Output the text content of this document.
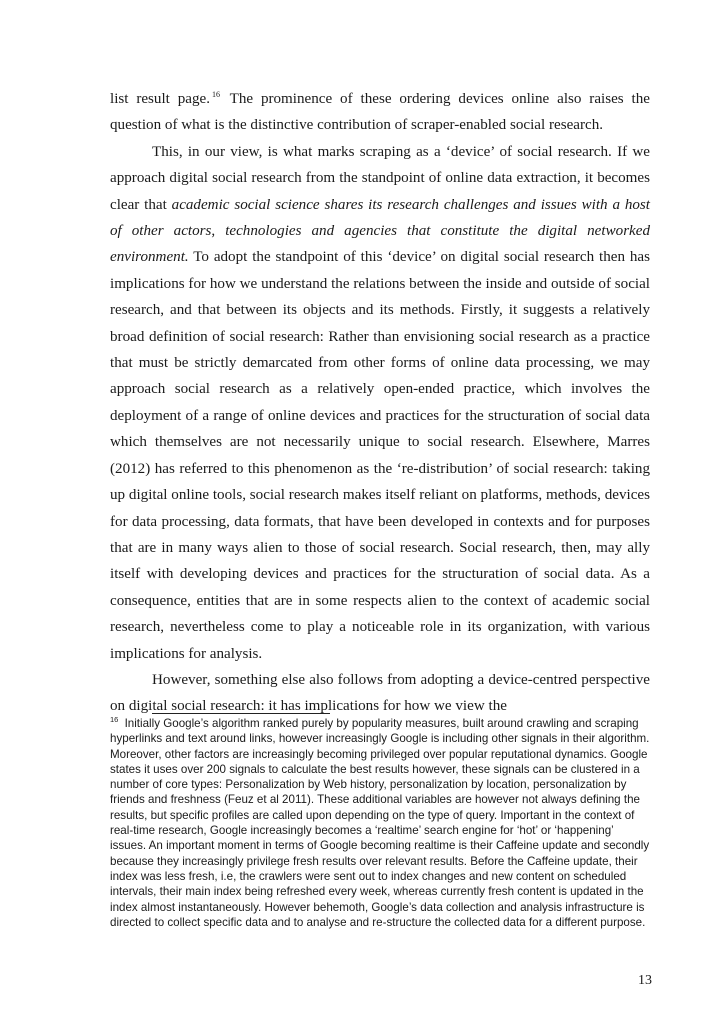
list result page. $^{16}$ The prominence of these ordering devices online also raises the question of what is the distinctive contribution of scraper-enabled social research.

This, in our view, is what marks scraping as a ‘device’ of social research. If we approach digital social research from the standpoint of online data extraction, it becomes clear that academic social science shares its research challenges and issues with a host of other actors, technologies and agencies that constitute the digital networked environment. To adopt the standpoint of this ‘device’ on digital social research then has implications for how we understand the relations between the inside and outside of social research, and that between its objects and its methods. Firstly, it suggests a relatively broad definition of social research: Rather than envisioning social research as a practice that must be strictly demarcated from other forms of online data processing, we may approach social research as a relatively open-ended practice, which involves the deployment of a range of online devices and practices for the structuration of social data which themselves are not necessarily unique to social research. Elsewhere, Marres (2012) has referred to this phenomenon as the ‘re-distribution’ of social research: taking up digital online tools, social research makes itself reliant on platforms, methods, devices for data processing, data formats, that have been developed in contexts and for purposes that are in many ways alien to those of social research. Social research, then, may ally itself with developing devices and practices for the structuration of social data. As a consequence, entities that are in some respects alien to the context of academic social research, nevertheless come to play a noticeable role in its organization, with various implications for analysis.

However, something else also follows from adopting a device-centred perspective on digital social research: it has implications for how we view the

$^{16}$ Initially Google’s algorithm ranked purely by popularity measures, built around crawling and scraping hyperlinks and text around links, however increasingly Google is including other signals in their algorithm. Moreover, other factors are increasingly becoming privileged over popular reputational dynamics. Google states it uses over 200 signals to calculate the best results however, these signals can be clustered in a number of core types: Personalization by Web history, personalization by location, personalization by friends and freshness (Feuz et al 2011). These additional variables are however not always defining the results, but specific profiles are called upon depending on the type of query. Important in the context of real-time research, Google increasingly becomes a ‘realtime’ search engine for ‘hot’ or ‘happening’ issues. An important moment in terms of Google becoming realtime is their Caffeine update and secondly because they increasingly privilege fresh results over relevant results. Before the Caffeine update, their index was less fresh, i.e, the crawlers were sent out to index changes and new content on scheduled intervals, their main index being refreshed every week, whereas currently fresh content is updated in the index almost instantaneously. However behemoth, Google’s data collection and analysis infrastructure is directed to collect specific data and to analyse and re-structure the collected data for a different purpose.

13
